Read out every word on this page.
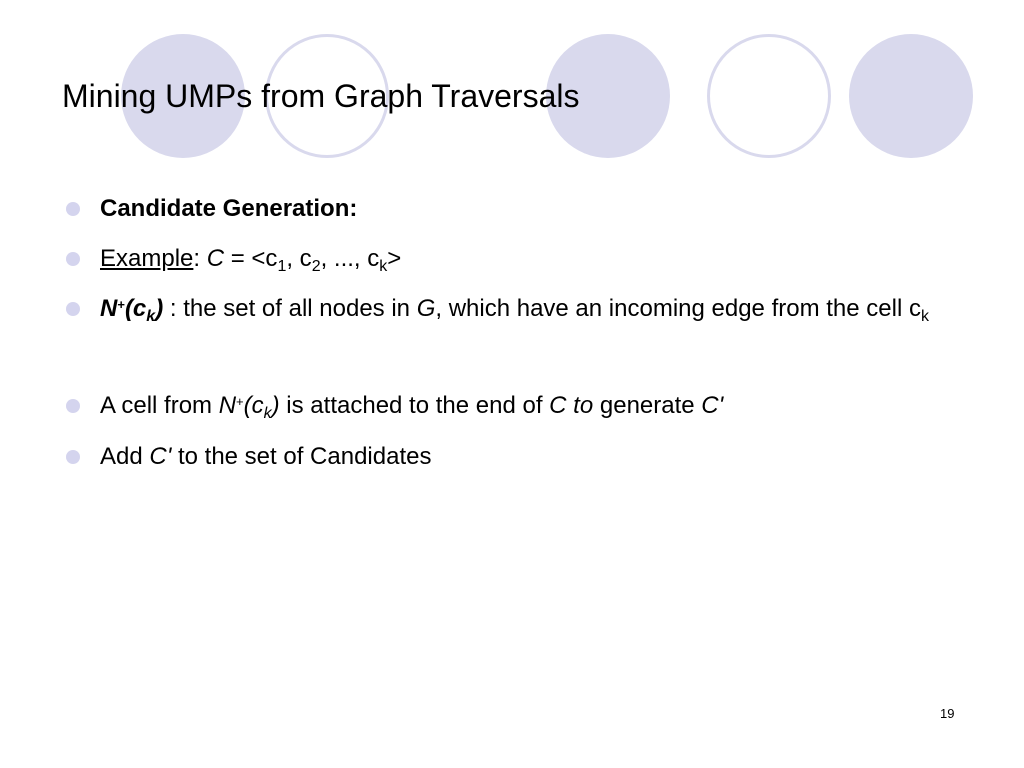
Mining UMPs from Graph Traversals
Candidate Generation:
Example: $C = <c_1$, $c_2$, ..., $c_k>$
$N^+(c_k)$ : the set of all nodes in G, which have an incoming edge from the cell $c_k$
A cell from $N^+(c_k)$ is attached to the end of C to generate C'
Add C' to the set of Candidates
19
